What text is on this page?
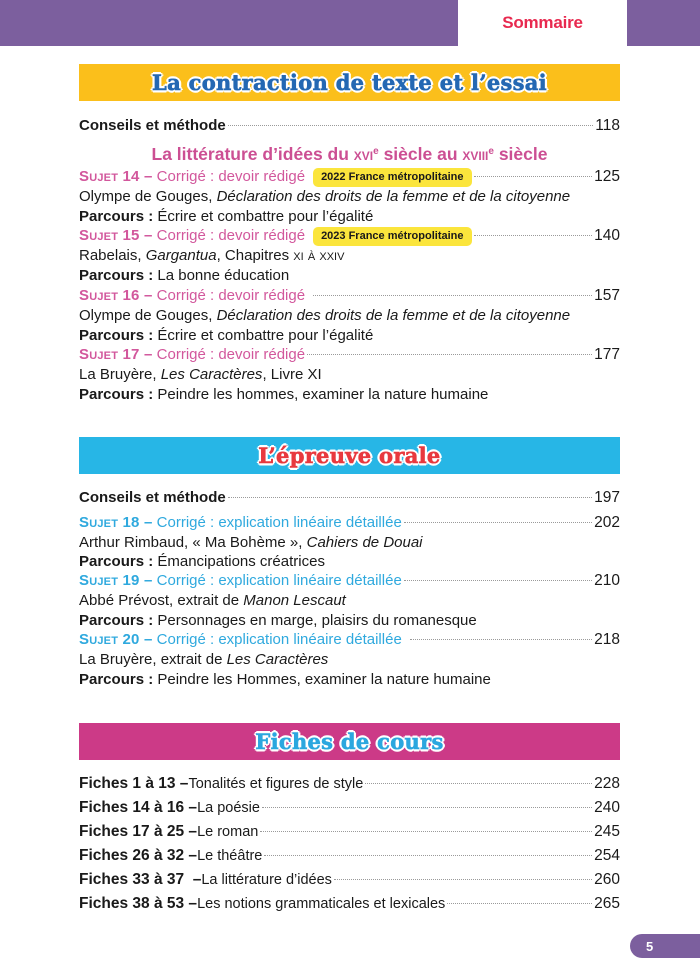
Sommaire
La contraction de texte et l’essai
Conseils et méthode	118
La littérature d’idées du xvi$^e$ siècle au xviii$^e$ siècle
Sujet 14 – Corrigé : devoir rédigé	2022 France métropolitaine	125
Olympe de Gouges, Déclaration des droits de la femme et de la citoyenne
Parcours : Écrire et combattre pour l’égalité
Sujet 15 – Corrigé : devoir rédigé	2023 France métropolitaine	140
Rabelais, Gargantua, Chapitres xi à xxiv
Parcours : La bonne éducation
Sujet 16 – Corrigé : devoir rédigé	157
Olympe de Gouges, Déclaration des droits de la femme et de la citoyenne
Parcours : Écrire et combattre pour l’égalité
Sujet 17 – Corrigé : devoir rédigé	177
La Bruyère, Les Caractères, Livre XI
Parcours : Peindre les hommes, examiner la nature humaine
L’épreuve orale
Conseils et méthode	197
Sujet 18 – Corrigé : explication linéaire détaillée	202
Arthur Rimbaud, « Ma Bohème », Cahiers de Douai
Parcours : Émancipations créatrices
Sujet 19 – Corrigé : explication linéaire détaillée	210
Abbé Prévost, extrait de Manon Lescaut
Parcours : Personnages en marge, plaisirs du romanesque
Sujet 20 – Corrigé : explication linéaire détaillée	218
La Bruyère, extrait de Les Caractères
Parcours : Peindre les Hommes, examiner la nature humaine
Fiches de cours
Fiches 1 à 13 – Tonalités et figures de style	228
Fiches 14 à 16 – La poésie	240
Fiches 17 à 25 – Le roman	245
Fiches 26 à 32 – Le théâtre	254
Fiches 33 à 37  – La littérature d’idées	260
Fiches 38 à 53 – Les notions grammaticales et lexicales	265
5
